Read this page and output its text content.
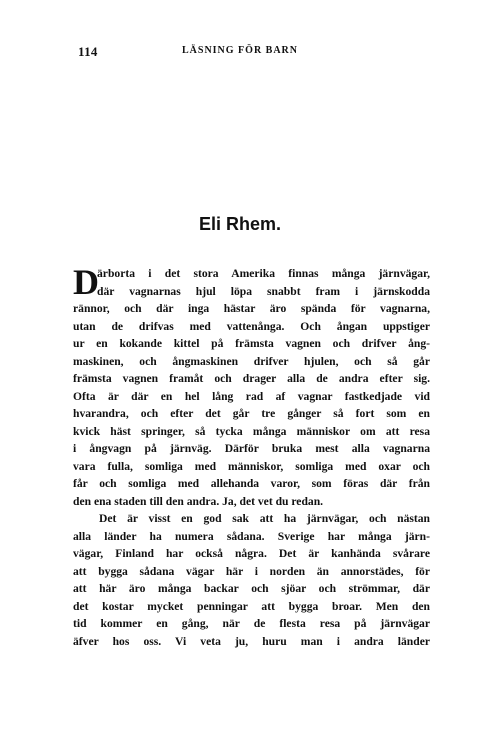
114	LÄSNING FÖR BARN
Eli Rhem.
D
ärborta i det stora Amerika finnas många järnvägar,
där vagnarnas hjul löpa snabbt fram i järnskodda
rännor, och där inga hästar äro spända för vagnarna,
utan de drifvas med vattenånga. Och ångan uppstiger
ur en kokande kittel på främsta vagnen och drifver ång-
maskinen, och ångmaskinen drifver hjulen, och så går
främsta vagnen framåt och drager alla de andra efter sig.
Ofta är där en hel lång rad af vagnar fastkedjade vid
hvarandra, och efter det går tre gånger så fort som en
kvick häst springer, så tycka många människor om att resa
i ångvagn på järnväg. Därför bruka mest alla vagnarna
vara fulla, somliga med människor, somliga med oxar och
får och somliga med allehanda varor, som föras där från
den ena staden till den andra. Ja, det vet du redan.
Det är visst en god sak att ha järnvägar, och nästan
alla länder ha numera sådana. Sverige har många järn-
vägar, Finland har också några. Det är kanhända svårare
att bygga sådana vägar här i norden än annorstädes, för
att här äro många backar och sjöar och strömmar, där
det kostar mycket penningar att bygga broar. Men den
tid kommer en gång, när de flesta resa på järnvägar
äfver hos oss. Vi veta ju, huru man i andra länder
